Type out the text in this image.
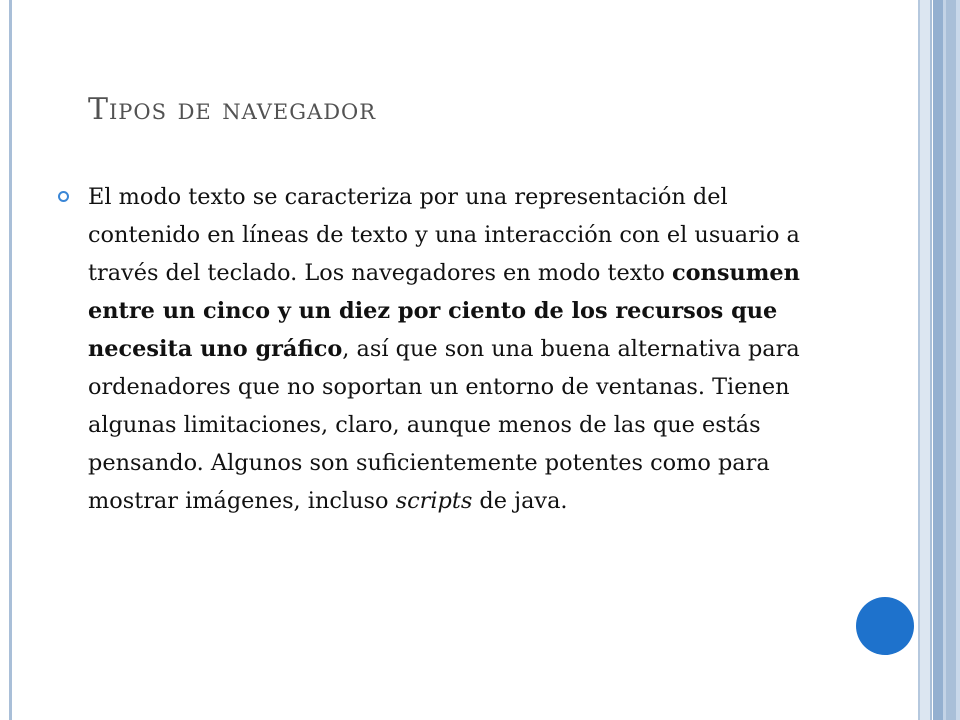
Tipos de navegador

El modo texto se caracteriza por una representación del contenido en líneas de texto y una interacción con el usuario a través del teclado. Los navegadores en modo texto consumen entre un cinco y un diez por ciento de los recursos que necesita uno gráfico, así que son una buena alternativa para ordenadores que no soportan un entorno de ventanas. Tienen algunas limitaciones, claro, aunque menos de las que estás pensando. Algunos son suficientemente potentes como para mostrar imágenes, incluso scripts de java.
